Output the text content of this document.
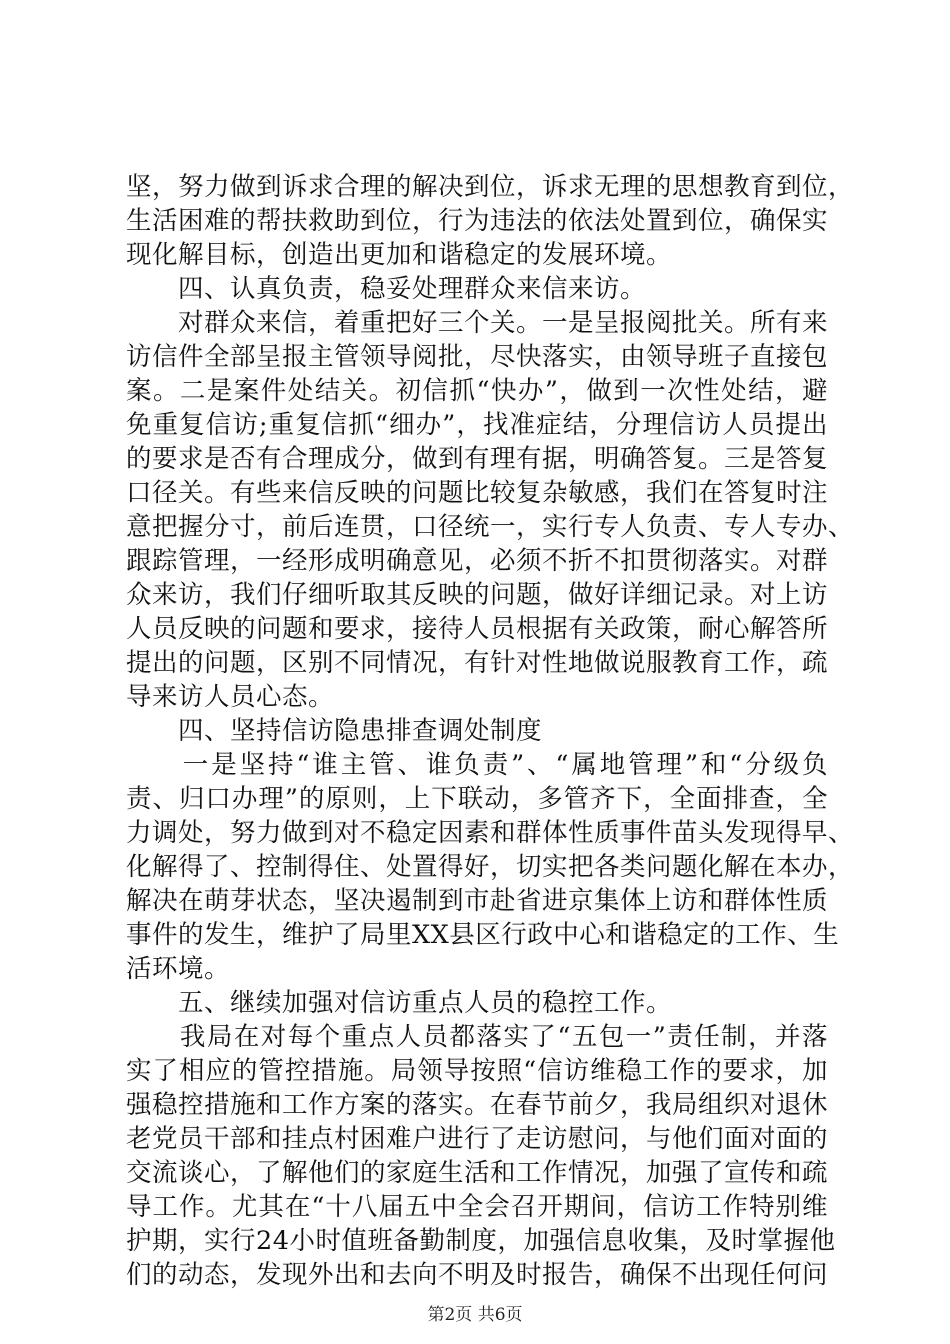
坚，努力做到诉求合理的解决到位，诉求无理的思想教育到位，
生活困难的帮扶救助到位，行为违法的依法处置到位，确保实
现化解目标，创造出更加和谐稳定的发展环境。
　　四、认真负责，稳妥处理群众来信来访。
　　对群众来信，着重把好三个关。一是呈报阅批关。所有来
访信件全部呈报主管领导阅批，尽快落实，由领导班子直接包
案。二是案件处结关。初信抓“快办”，做到一次性处结，避
免重复信访;重复信抓“细办”，找准症结，分理信访人员提出
的要求是否有合理成分，做到有理有据，明确答复。三是答复
口径关。有些来信反映的问题比较复杂敏感，我们在答复时注
意把握分寸，前后连贯，口径统一，实行专人负责、专人专办、
跟踪管理，一经形成明确意见，必须不折不扣贯彻落实。对群
众来访，我们仔细听取其反映的问题，做好详细记录。对上访
人员反映的问题和要求，接待人员根据有关政策，耐心解答所
提出的问题，区别不同情况，有针对性地做说服教育工作，疏
导来访人员心态。
　　四、坚持信访隐患排查调处制度
　　一是坚持“谁主管、谁负责”、“属地管理”和“分级负
责、归口办理”的原则，上下联动，多管齐下，全面排查，全
力调处，努力做到对不稳定因素和群体性质事件苗头发现得早、
化解得了、控制得住、处置得好，切实把各类问题化解在本办，
解决在萌芽状态，坚决遏制到市赴省进京集体上访和群体性质
事件的发生，维护了局里XX县区行政中心和谐稳定的工作、生
活环境。
　　五、继续加强对信访重点人员的稳控工作。
　　我局在对每个重点人员都落实了“五包一”责任制，并落
实了相应的管控措施。局领导按照“信访维稳工作的要求，加
强稳控措施和工作方案的落实。在春节前夕，我局组织对退休
老党员干部和挂点村困难户进行了走访慰问，与他们面对面的
交流谈心，了解他们的家庭生活和工作情况，加强了宣传和疏
导工作。尤其在“十八届五中全会召开期间，信访工作特别维
护期，实行24小时值班备勤制度，加强信息收集，及时掌握他
们的动态，发现外出和去向不明及时报告，确保不出现任何问
第2页 共6页
